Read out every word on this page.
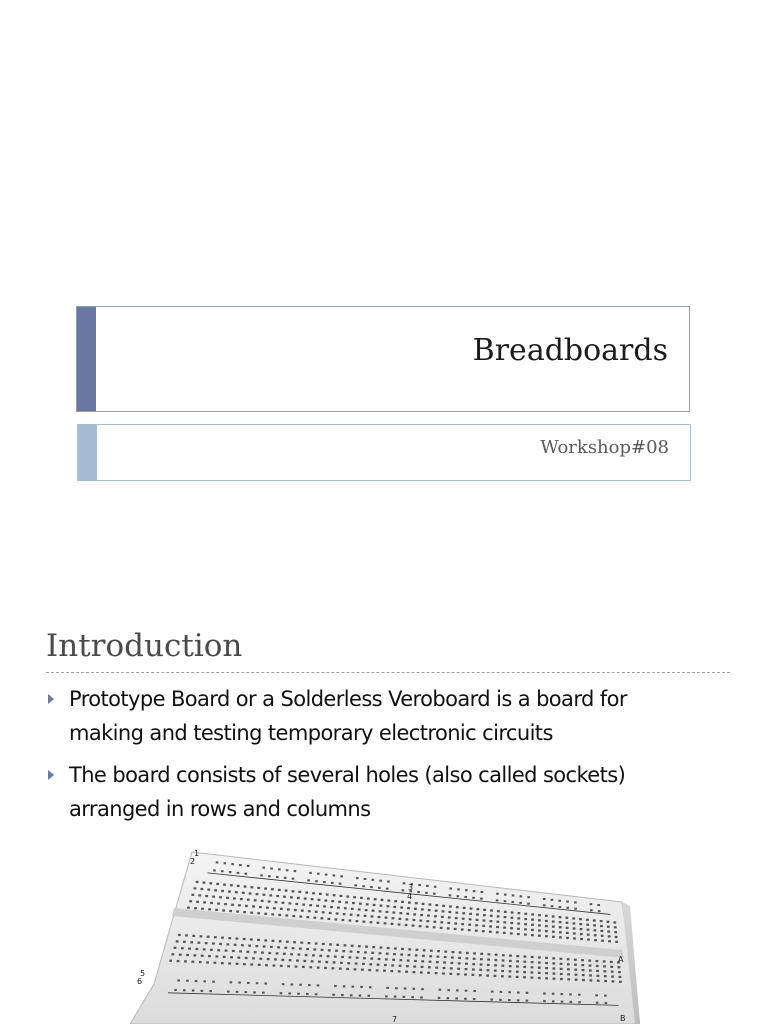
Breadboards
Workshop#08
Introduction
Prototype Board or a Solderless Veroboard is a board for
making and testing temporary electronic circuits
The board consists of several holes (also called sockets)
arranged in rows and columns
1
2
3
4
5
6
7
A
B
